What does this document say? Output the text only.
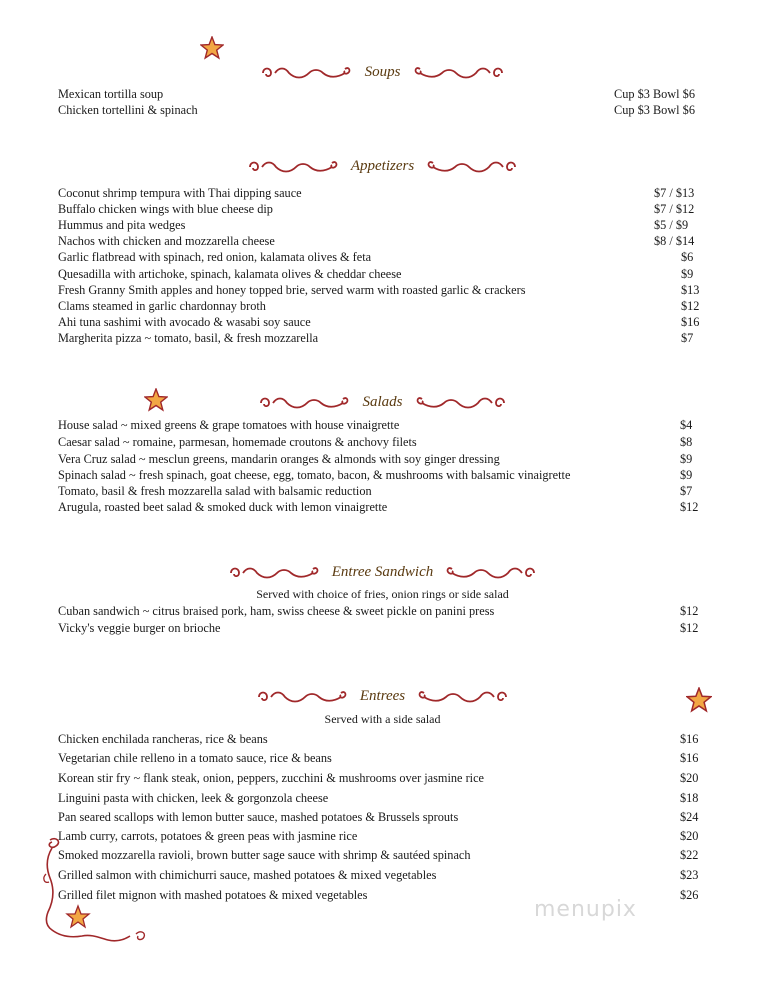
Soups
Mexican tortilla soup	Cup $3 Bowl $6
Chicken tortellini & spinach	Cup $3 Bowl $6
Appetizers
Coconut shrimp tempura with Thai dipping sauce	$7 / $13
Buffalo chicken wings with blue cheese dip	$7 / $12
Hummus and pita wedges	$5 / $9
Nachos with chicken and mozzarella cheese	$8 / $14
Garlic flatbread with spinach, red onion, kalamata olives & feta	$6
Quesadilla with artichoke, spinach, kalamata olives & cheddar cheese	$9
Fresh Granny Smith apples and honey topped brie, served warm with roasted garlic & crackers	$13
Clams steamed in garlic chardonnay broth	$12
Ahi tuna sashimi with avocado & wasabi soy sauce	$16
Margherita pizza ~ tomato, basil, & fresh mozzarella	$7
Salads
House salad ~ mixed greens & grape tomatoes with house vinaigrette	$4
Caesar salad ~ romaine, parmesan, homemade croutons & anchovy filets	$8
Vera Cruz salad ~ mesclun greens, mandarin oranges & almonds with soy ginger dressing	$9
Spinach salad ~ fresh spinach, goat cheese, egg, tomato, bacon, & mushrooms with balsamic vinaigrette	$9
Tomato, basil & fresh mozzarella salad with balsamic reduction	$7
Arugula, roasted beet salad & smoked duck with lemon vinaigrette	$12
Entree Sandwich
Served with choice of fries, onion rings or side salad
Cuban sandwich ~ citrus braised pork, ham, swiss cheese & sweet pickle on panini press	$12
Vicky's veggie burger on brioche	$12
Entrees
Served with a side salad
Chicken enchilada rancheras, rice & beans	$16
Vegetarian chile relleno in a tomato sauce, rice & beans	$16
Korean stir fry ~ flank steak, onion, peppers, zucchini & mushrooms over jasmine rice	$20
Linguini pasta with chicken, leek & gorgonzola cheese	$18
Pan seared scallops with lemon butter sauce, mashed potatoes & Brussels sprouts	$24
Lamb curry, carrots, potatoes & green peas with jasmine rice	$20
Smoked mozzarella ravioli, brown butter sage sauce with shrimp & sautéed spinach	$22
Grilled salmon with chimichurri sauce, mashed potatoes & mixed vegetables	$23
Grilled filet mignon with mashed potatoes & mixed vegetables	$26
menupix
